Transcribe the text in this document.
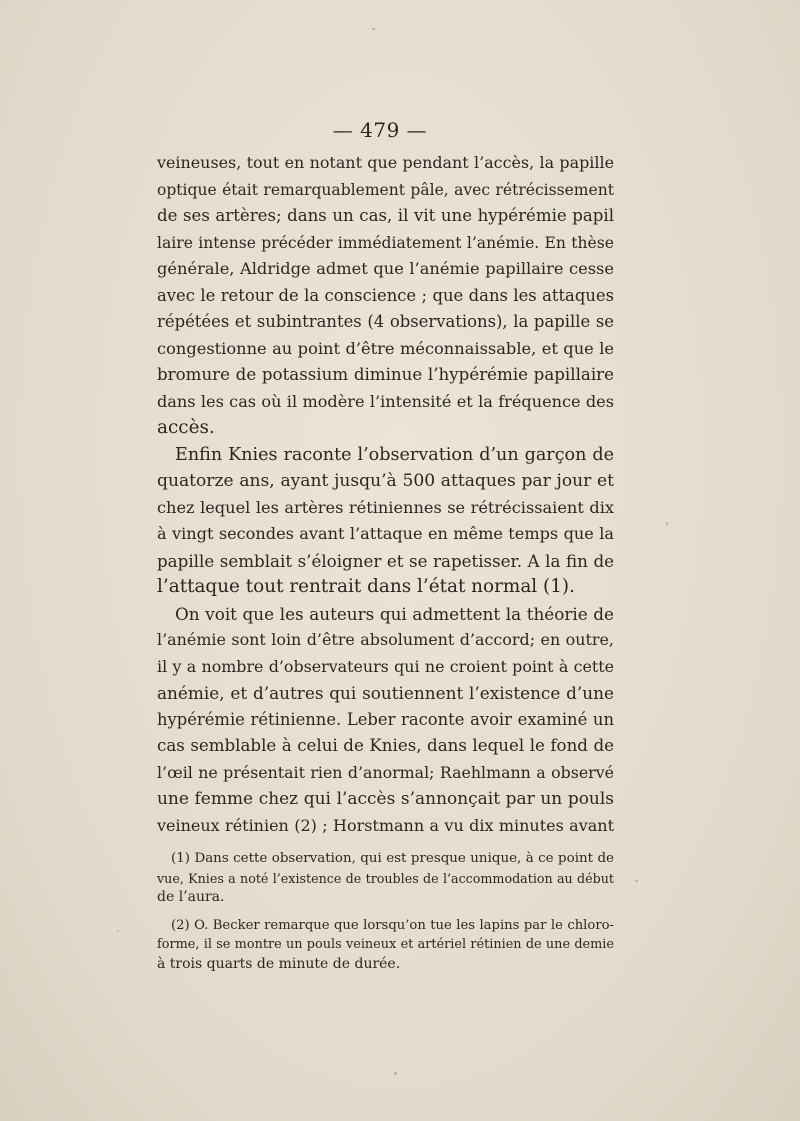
— 479 —
veineuses, tout en notant que pendant l’accès, la papille
optique était remarquablement pâle, avec rétrécissement
de ses artères; dans un cas, il vit une hypérémie papil
laire intense précéder immédiatement l’anémie. En thèse
générale, Aldridge admet que l’anémie papillaire cesse
avec le retour de la conscience ; que dans les attaques
répétées et subintrantes (4 observations), la papille se
congestionne au point d’être méconnaissable, et que le
bromure de potassium diminue l’hypérémie papillaire
dans les cas où il modère l’intensité et la fréquence des
accès.
Enfin Knies raconte l’observation d’un garçon de
quatorze ans, ayant jusqu’à 500 attaques par jour et
chez lequel les artères rétiniennes se rétrécissaient dix
à vingt secondes avant l’attaque en même temps que la
papille semblait s’éloigner et se rapetisser. A la fin de
l’attaque tout rentrait dans l’état normal (1).
On voit que les auteurs qui admettent la théorie de
l’anémie sont loin d’être absolument d’accord; en outre,
il y a nombre d’observateurs qui ne croient point à cette
anémie, et d’autres qui soutiennent l’existence d’une
hypérémie rétinienne. Leber raconte avoir examiné un
cas semblable à celui de Knies, dans lequel le fond de
l’œil ne présentait rien d’anormal; Raehlmann a observé
une femme chez qui l’accès s’annonçait par un pouls
veineux rétinien (2) ; Horstmann a vu dix minutes avant
(1) Dans cette observation, qui est presque unique, à ce point de
vue, Knies a noté l’existence de troubles de l’accommodation au début
de l’aura.
(2) O. Becker remarque que lorsqu’on tue les lapins par le chloro-
forme, il se montre un pouls veineux et artériel rétinien de une demie
à trois quarts de minute de durée.
